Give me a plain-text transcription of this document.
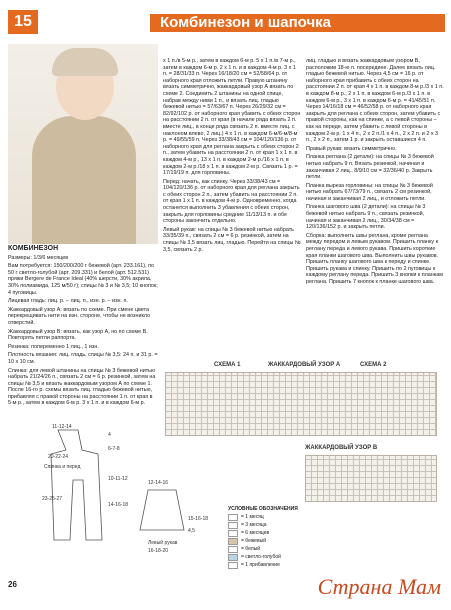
15	Комбинезон и шапочка
КОМБИНЕЗОН

Размеры: 1/3/6 месяцев

Вам потребуется: 150/200/200 г бежевой (арт. 233.161), по 50 г светло-голубой (арт. 209.331) и белой (арт. 512.531) пряжи Bergere de France Ideal (40% шерсти, 30% акрила, 30% полиамида, 125 м/50 г); спицы № 3 и № 3,5; 10 кнопок; 4 пуговицы.

Лицевая гладь: лиц. р. – лиц. п., изн. р. – изн. п.

Жаккардовый узор А: вязать по схеме. При смене цвета перекрещивать нити на изн. стороне, чтобы не возникло отверстий.

Жаккардовый узор В: вязать, как узор А, но по схеме В. Повторять петли раппорта.

Резинка: попеременно 1 лиц., 1 изн.

Плотность вязания: лиц. гладь, спицы № 3,5: 24 п. и 31 р. = 10 х 10 см.

Спинка: для левой штанины на спицы № 3 бежевой нитью набрать 21/24/26 п., связать 2 см = 6 р. резинкой, затем на спицы № 3,5 и вязать жаккардовым узором А по схеме 1. После 16-го р. схемы вязать лиц. гладью бежевой нитью, прибавляя с правой стороны на расстоянии 1 п. от края в 5-м р., затем в каждом 6-м р. 3 х 1 п. и в каждом 6-м р.

х 1 п./в 5-м р., затем в каждом 6-м р. 5 х 1 п./в 7-м р., затем в каждом 6-м р. 2 х 1 п. и в каждом 4-м р. 3 х 1 п. = 28/31/33 п. Через 16/18/20 см = 52/58/64 р. от наборного края отложить петли. Правую штанину вязать симметрично, жаккардовый узор А вязать по схеме 2. Соединить 2 штанины на одной спице, набрав между ними 1 п., и вязать лиц. гладью бежевой нитью = 57/63/67 п. Через 26/29/32 см = 82/92/102 р. от наборного края убавить с обеих сторон на расстоянии 2 п. от края (в начале ряда вязать 2 п. вместе лиц., в конце ряда связать 2 п. вместе лиц. с наклоном влево, 2 лиц.) 4 х 1 п. в каждом 6-м/6-м/8-м р. = 49/55/59 п. Через 33/38/43 см = 104/120/136 р. от наборного края для реглана закрыть с обеих сторон 2 п., затем убавить на расстоянии 2 п. от края 1 х 1 п. в каждом 4-м р., 13 х 1 п. в каждом 2-м р./16 х 1 п. в каждом 2-м р./18 х 1 п. в каждом 2-м р. Связать 1 р. = 17/19/19 п. для горловины.

Перед: начать, как спинку. Через 33/38/43 см = 104/120/136 р. от наборного края для реглана закрыть с обеих сторон 2 п., затем убавить на расстоянии 2 п. от края 1 х 1 п. в каждом 4-м р. Одновременно, когда останется выполнить 3 убавления с обеих сторон, закрыть для горловины средние 11/13/13 п. и обе стороны закончить отдельно.

Левый рукав: на спицы № 3 бежевой нитью набрать 33/35/39 п., связать 2 см = 6 р. резинкой, затем на спицы № 3,5 вязать лиц. гладью. Перейти на спицы № 3,5, связать 2 р.

лиц. гладью и вязать жаккардовым узором В, расположив 18-ю п. посередине. Далее вязать лиц. гладью бежевой нитью. Через 4,5 см = 16 р. от наборного края прибавить с обеих сторон на расстоянии 2 п. от края 4 х 1 п. в каждом 8-м р./3 х 1 п. в каждом 8-м р., 2 х 1 п. в каждом 6-м р./3 х 1 п. в каждом 6-м р., 3 х 1 п. в каждом 6-м р. = 41/45/51 п. Через 14/16/18 см = 46/52/58 р. от наборного края закрыть для реглана с обеих сторон, затем убавить с правой стороны, как на спинке, а с левой стороны – как на переде, затем убавить с левой стороны в каждом 2-м р. 1 х 4 п., 2 х 2 п./1 х 4 п., 2 х 2 п. и 2 х 3 п., 2 х 2 п., затем 1 р. и закрыть оставшиеся 4 п.

Правый рукав: вязать симметрично.

Планка реглана (2 детали): на спицы № 3 бежевой нитью набрать 9 п. Вязать резинкой, начиная и заканчивая 2 лиц., 8/9/10 см = 32/36/40 р. Закрыть петли.

Планка выреза горловины: на спицы № 3 бежевой нитью набрать 67/73/79 п., связать 2 см резинкой, начиная и заканчивая 2 лиц., и отложить петли.

Планка шагового шва (2 детали): на спицы № 3 бежевой нитью набрать 9 п., связать резинкой, начиная и заканчивая 2 лиц., 30/34/38 см = 120/136/152 р. и закрыть петли.

Сборка: выполнить швы реглана, кроме реглана между передом и левым рукавом. Пришить планку к реглану переда и левого рукава. Пришить короткие края планки шагового шва. Выполнить швы рукавов. Пришить планку шагового шва к переду и спинке. Пришить рукава и спинку. Пришить по 2 пуговицы к каждому реглану переда. Пришить 3 кнопки к планкам реглана. Пришить 7 кнопок к планке шагового шва.

11-12-14
Спинка и перед
Левый рукав
4
6-7-8
20-22-24
10-11-12
23-25-27
14-16-18
12-14-16
16-18-20
15-16-18
4,5
СХЕМА 1	ЖАККАРДОВЫЙ УЗОР А	СХЕМА 2
ЖАККАРДОВЫЙ УЗОР В
УСЛОВНЫЕ ОБОЗНАЧЕНИЯ
= 1 месяц
= 3 месяца
= 6 месяцев
= бежевый
= белый
= светло-голубой
= 1 прибавление
26	Страна Мам
